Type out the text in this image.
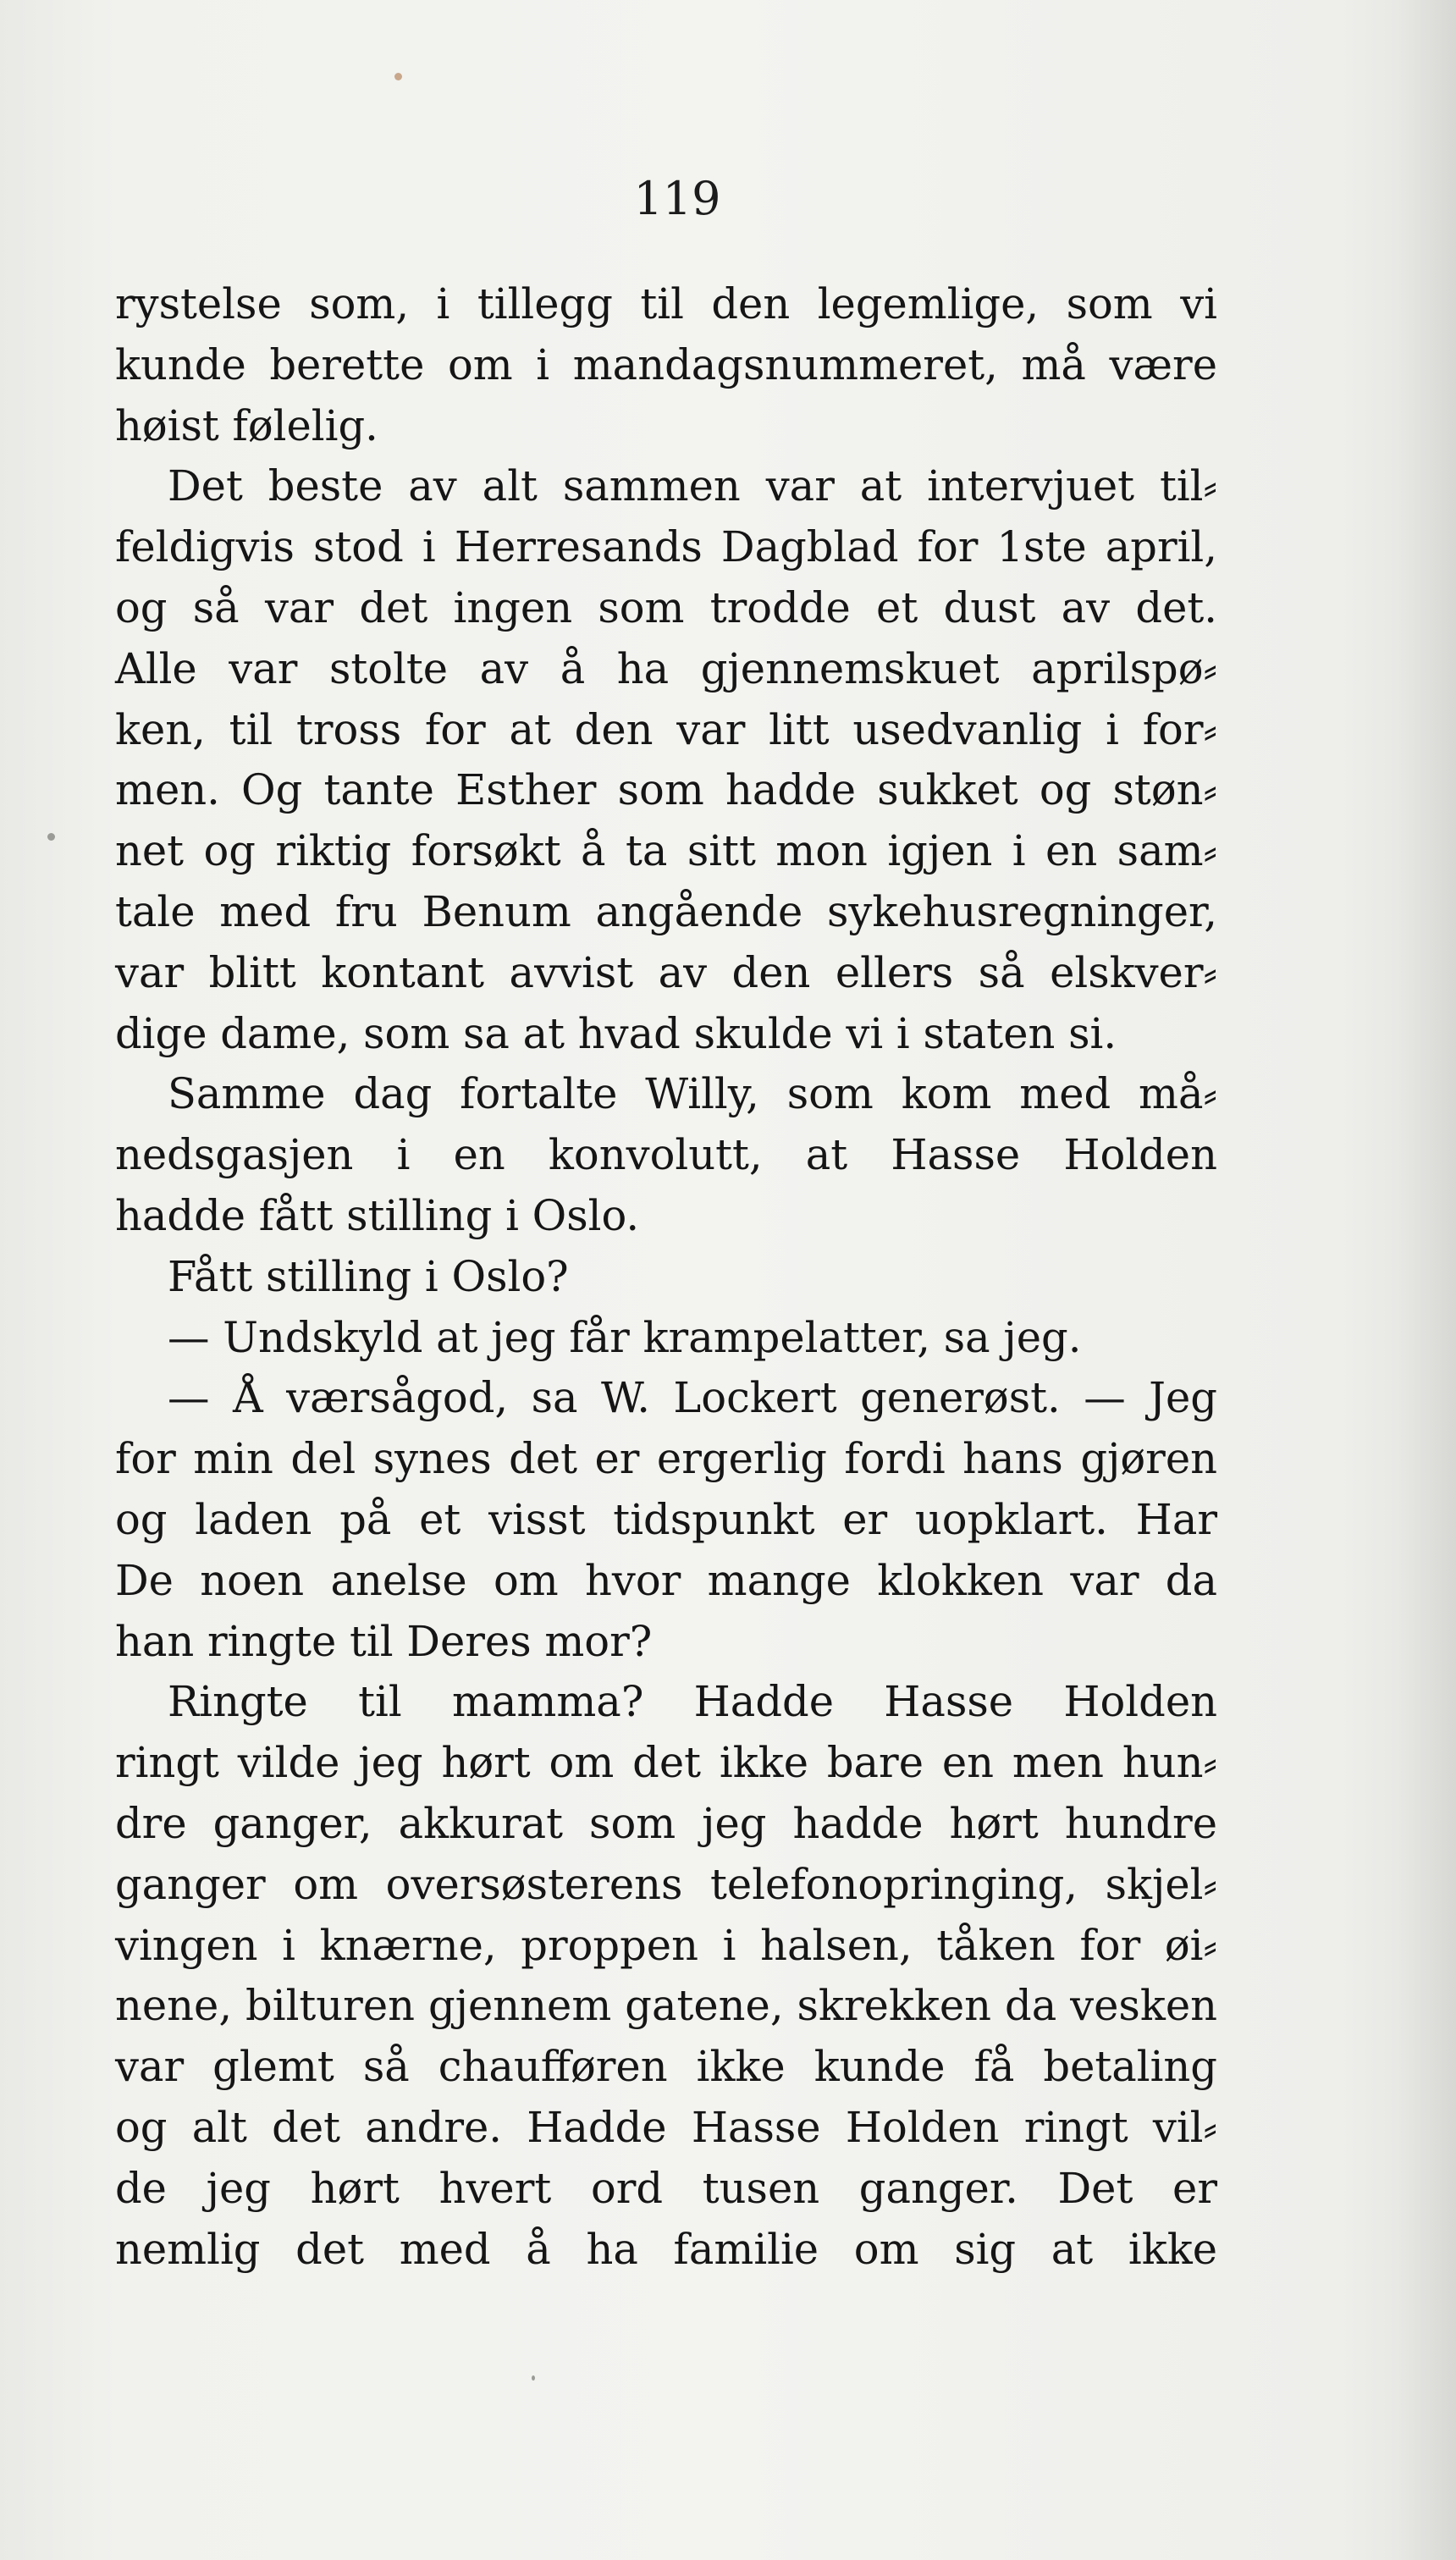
119
rystelse som, i tillegg til den legemlige, som vi
kunde berette om i mandagsnummeret, må være
høist følelig.
Det beste av alt sammen var at intervjuet til⸗
feldigvis stod i Herresands Dagblad for 1ste april,
og så var det ingen som trodde et dust av det.
Alle var stolte av å ha gjennemskuet aprilspø⸗
ken, til tross for at den var litt usedvanlig i for⸗
men. Og tante Esther som hadde sukket og støn⸗
net og riktig forsøkt å ta sitt mon igjen i en sam⸗
tale med fru Benum angående sykehusregninger,
var blitt kontant avvist av den ellers så elskver⸗
dige dame, som sa at hvad skulde vi i staten si.
Samme dag fortalte Willy, som kom med må⸗
nedsgasjen i en konvolutt, at Hasse Holden
hadde fått stilling i Oslo.
Fått stilling i Oslo?
— Undskyld at jeg får krampelatter, sa jeg.
— Å værsågod, sa W. Lockert generøst. — Jeg
for min del synes det er ergerlig fordi hans gjøren
og laden på et visst tidspunkt er uopklart. Har
De noen anelse om hvor mange klokken var da
han ringte til Deres mor?
Ringte til mamma? Hadde Hasse Holden
ringt vilde jeg hørt om det ikke bare en men hun⸗
dre ganger, akkurat som jeg hadde hørt hundre
ganger om oversøsterens telefonopringing, skjel⸗
vingen i knærne, proppen i halsen, tåken for øi⸗
nene, bilturen gjennem gatene, skrekken da vesken
var glemt så chaufføren ikke kunde få betaling
og alt det andre. Hadde Hasse Holden ringt vil⸗
de jeg hørt hvert ord tusen ganger. Det er
nemlig det med å ha familie om sig at ikke
